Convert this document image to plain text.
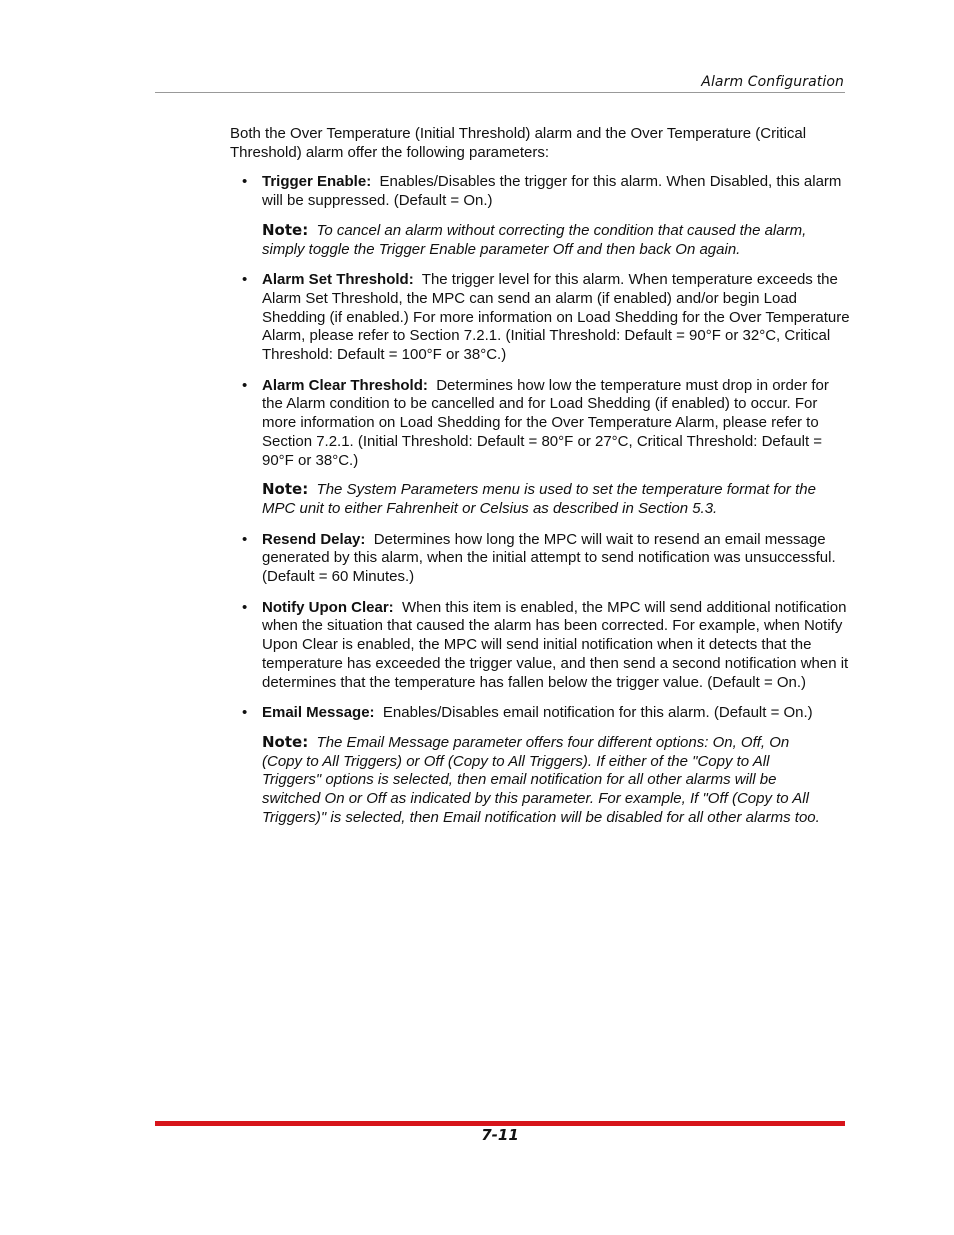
Alarm Configuration

Both the Over Temperature (Initial Threshold) alarm and the Over Temperature (Critical Threshold) alarm offer the following parameters:

• Trigger Enable: Enables/Disables the trigger for this alarm. When Disabled, this alarm will be suppressed. (Default = On.)
Note: To cancel an alarm without correcting the condition that caused the alarm, simply toggle the Trigger Enable parameter Off and then back On again.
• Alarm Set Threshold: The trigger level for this alarm. When temperature exceeds the Alarm Set Threshold, the MPC can send an alarm (if enabled) and/or begin Load Shedding (if enabled.) For more information on Load Shedding for the Over Temperature Alarm, please refer to Section 7.2.1. (Initial Threshold: Default = 90°F or 32°C, Critical Threshold: Default = 100°F or 38°C.)
• Alarm Clear Threshold: Determines how low the temperature must drop in order for the Alarm condition to be cancelled and for Load Shedding (if enabled) to occur. For more information on Load Shedding for the Over Temperature Alarm, please refer to Section 7.2.1. (Initial Threshold: Default = 80°F or 27°C, Critical Threshold: Default = 90°F or 38°C.)
Note: The System Parameters menu is used to set the temperature format for the MPC unit to either Fahrenheit or Celsius as described in Section 5.3.
• Resend Delay: Determines how long the MPC will wait to resend an email message generated by this alarm, when the initial attempt to send notification was unsuccessful. (Default = 60 Minutes.)
• Notify Upon Clear: When this item is enabled, the MPC will send additional notification when the situation that caused the alarm has been corrected. For example, when Notify Upon Clear is enabled, the MPC will send initial notification when it detects that the temperature has exceeded the trigger value, and then send a second notification when it determines that the temperature has fallen below the trigger value. (Default = On.)
• Email Message: Enables/Disables email notification for this alarm. (Default = On.)
Note: The Email Message parameter offers four different options: On, Off, On (Copy to All Triggers) or Off (Copy to All Triggers). If either of the "Copy to All Triggers" options is selected, then email notification for all other alarms will be switched On or Off as indicated by this parameter. For example, If "Off (Copy to All Triggers)" is selected, then Email notification will be disabled for all other alarms too.
7-11
